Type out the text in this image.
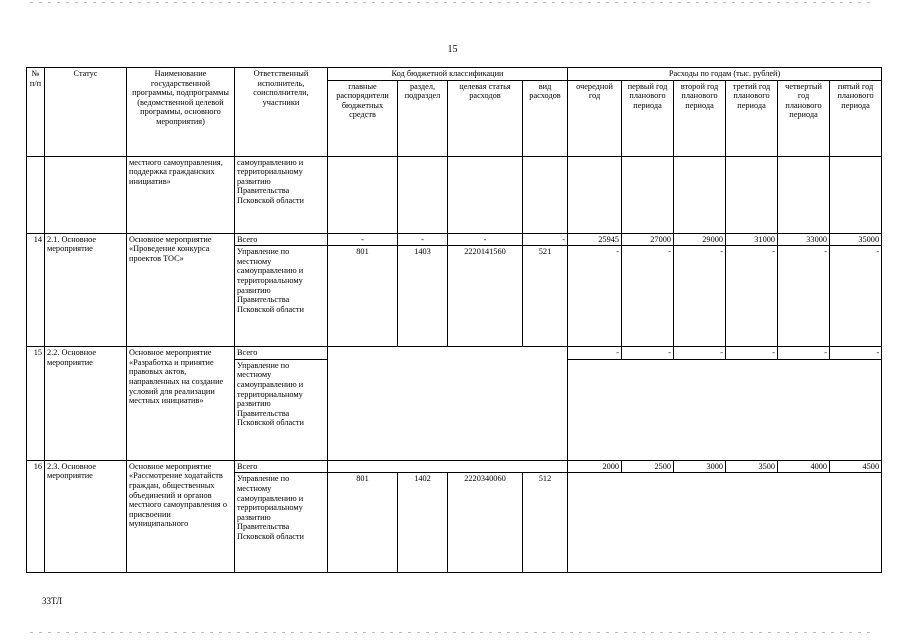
15
№ п/п	Статус	Наименование государственной программы, подпрограммы (ведомственной целевой программы, основного мероприятия)	Ответственный исполнитель, соисполнители, участники	Код бюджетной классификации				Расходы по годам (тыс. рублей)					
				главные распорядители бюджетных средств	раздел, подраздел	целевая статья расходов	вид расходов	очередной год	первый год планового периода	второй год планового периода	третий год планового периода	четвертый год планового периода	пятый год планового периода
		местного самоуправления, поддержка гражданских инициатив»	самоуправлению и территориальному развитию Правительства Псковской области										
14	2.1. Основное мероприятие	Основное мероприятие «Проведение конкурса проектов ТОС»	Всего	-	-	-	-	25945	27000	29000	31000	33000	35000
			Управление по местному самоуправлению и территориальному развитию Правительства Псковской области	801	1403	2220141560	521	-	-	-	-	-	-
15	2.2. Основное мероприятие	Основное мероприятие «Разработка и принятие правовых актов, направленных на создание условий для реализации местных инициатив»	Всего					-	-	-	-	-	-
			Управление по местному самоуправлению и территориальному развитию Правительства Псковской области										
16	2.3. Основное мероприятие	Основное мероприятие «Рассмотрение ходатайств граждан, общественных объединений и органов местного самоуправления о присвоении муниципального	Всего					2000	2500	3000	3500	4000	4500
			Управление по местному самоуправлению и территориальному развитию Правительства Псковской области	801	1402	2220340060	512						
33ТЛ
